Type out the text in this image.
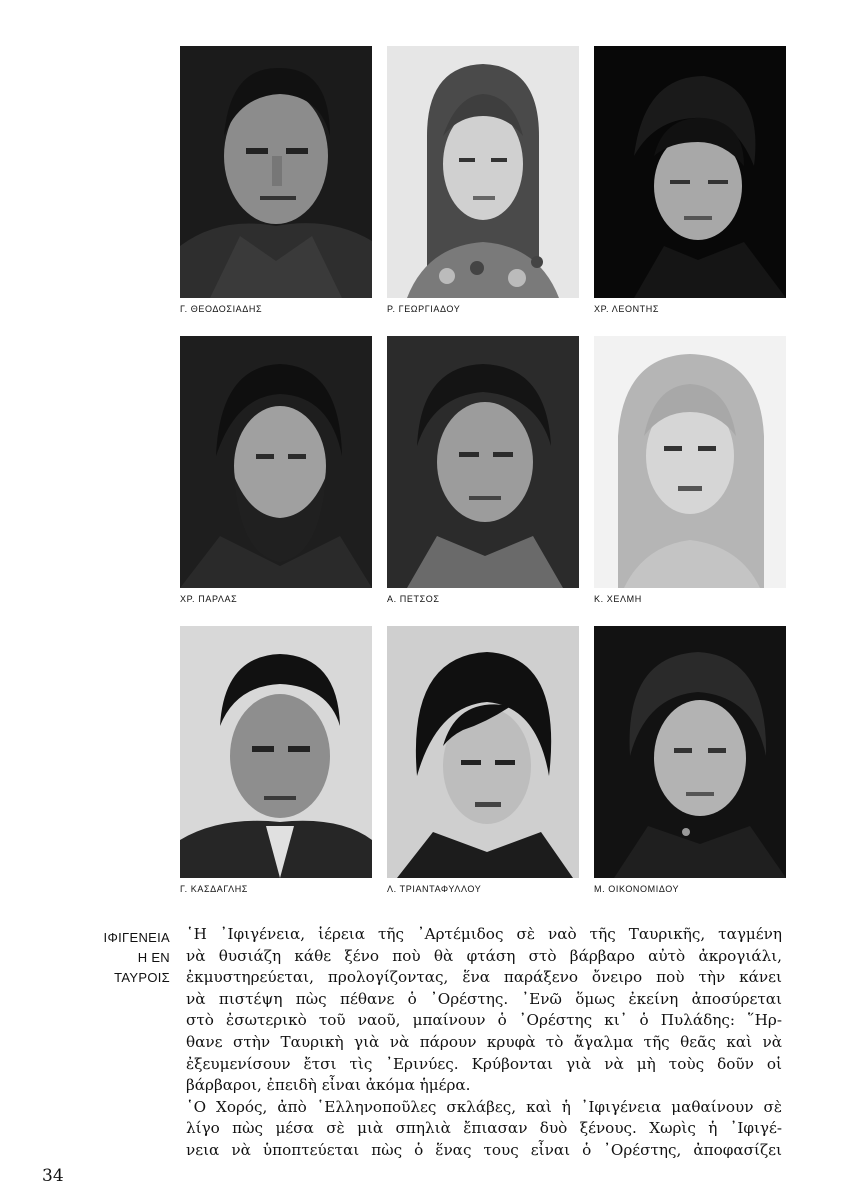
Γ. ΘΕΟΔΟΣΙΑΔΗΣ	Ρ. ΓΕΩΡΓΙΑΔΟΥ	ΧΡ. ΛΕΟΝΤΗΣ
ΧΡ. ΠΑΡΛΑΣ	Α. ΠΕΤΣΟΣ	Κ. ΧΕΛΜΗ
Γ. ΚΑΣΔΑΓΛΗΣ	Λ. ΤΡΙΑΝΤΑΦΥΛΛΟΥ	Μ. ΟΙΚΟΝΟΜΙΔΟΥ
ΙΦΙΓΕΝΕΙΑ
Η ΕΝ
ΤΑΥΡΟΙΣ
῾Η ᾿Ιφιγένεια, ἱέρεια τῆς ᾿Αρτέμιδος σὲ ναὸ τῆς Ταυρικῆς, ταγμένη
νὰ θυσιάζη κάθε ξένο ποὺ θὰ φτάση στὸ βάρβαρο αὐτὸ ἀκρογιάλι,
ἐκμυστηρεύεται, προλογίζοντας, ἕνα παράξενο ὄνειρο ποὺ τὴν κάνει
νὰ πιστέψη πὼς πέθανε ὁ ᾿Ορέστης. ᾿Ενῶ ὅμως ἐκείνη ἀποσύρεται
στὸ ἐσωτερικὸ τοῦ ναοῦ, μπαίνουν ὁ ᾿Ορέστης κι᾿ ὁ Πυλάδης: ῞Ηρ-
θανε στὴν Ταυρικὴ γιὰ νὰ πάρουν κρυφὰ τὸ ἄγαλμα τῆς θεᾶς καὶ νὰ
ἐξευμενίσουν ἔτσι τὶς ᾿Ερινύες. Κρύβονται γιὰ νὰ μὴ τοὺς δοῦν οἱ
βάρβαροι, ἐπειδὴ εἶναι ἀκόμα ἡμέρα.
῾Ο Χορός, ἀπὸ ῾Ελληνοποῦλες σκλάβες, καὶ ἡ ᾿Ιφιγένεια μαθαίνουν σὲ
λίγο πὼς μέσα σὲ μιὰ σπηλιὰ ἔπιασαν δυὸ ξένους. Χωρὶς ἡ ᾿Ιφιγέ-
νεια νὰ ὑποπτεύεται πὼς ὁ ἕνας τους εἶναι ὁ ᾿Ορέστης, ἀποφασίζει
34
